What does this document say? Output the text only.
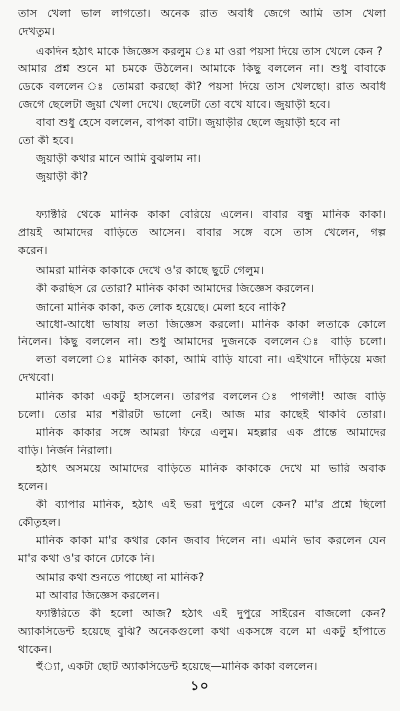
তাস খেলা ভাল লাগতো। অনেক রাত অবধি জেগে আমি তাস খেলা
দেখতুম।
একদিন হঠাৎ মাকে জিজ্ঞেস করলুম ঃ মা ওরা পয়সা দিয়ে তাস খেলে কেন ?
আমার প্রশ্ন শুনে মা চমকে উঠলেন। আমাকে কিছু বললেন না। শুধু বাবাকে
ডেকে বললেন ঃ তোমরা করছো কী? পয়সা দিয়ে তাস খেলছো। রাত অবধি
জেগে ছেলেটা জুয়া খেলা দেখে। ছেলেটা তো বখে যাবে। জুয়াড়ী হবে।
বাবা শুধু হেসে বললেন, বাপকা বাটা। জুয়াড়ীর ছেলে জুয়াড়ী হবে না
তো কী হবে।
জুয়াড়ী কথার মানে আমি বুঝলাম না।
জুয়াড়ী কী?
ফ্যাক্টরি থেকে মানিক কাকা বেরিয়ে এলেন। বাবার বন্ধু মানিক কাকা।
প্রায়ই আমাদের বাড়িতে আসেন। বাবার সঙ্গে বসে তাস খেলেন, গল্প
করেন।
আমরা মানিক কাকাকে দেখে ও'র কাছে ছুটে গেলুম।
কী করছিস রে তোরা? মানিক কাকা আমাদের জিজ্ঞেস করলেন।
জানো মানিক কাকা, কত লোক হয়েছে। মেলা হবে নাকি?
আধো-আধো ভাষায় লতা জিজ্ঞেস করলো। মানিক কাকা লতাকে কোলে
নিলেন। কিছু বললেন না। শুধু আমাদের দুজনকে বললেন ঃ বাড়ি চলো।
লতা বললো ঃ মানিক কাকা, আমি বাড়ি যাবো না। এইখানে দাঁড়িয়ে মজা
দেখবো।
মানিক কাকা একটু হাসলেন। তারপর বললেন ঃ পাগলী! আজ বাড়ি
চলো। তোর মার শরীরটা ভালো নেই। আজ মার কাছেই থাকবি তোরা।
মানিক কাকার সঙ্গে আমরা ফিরে এলুম। মহল্লার এক প্রান্তে আমাদের
বাড়ি। নির্জন নিরালা।
হঠাৎ অসময়ে আমাদের বাড়িতে মানিক কাকাকে দেখে মা ভারি অবাক
হলেন।
কী ব্যাপার মানিক, হঠাৎ এই ভরা দুপুরে এলে কেন? মা'র প্রশ্নে ছিলো
কৌতূহল।
মানিক কাকা মা'র কথার কোন জবাব দিলেন না। এমনি ভাব করলেন যেন
মা'র কথা ও'র কানে ঢোকে নি।
আমার কথা শুনতে পাচ্ছো না মানিক?
মা আবার জিজ্ঞেস করলেন।
ফ্যাক্টরিতে কী হলো আজ? হঠাৎ এই দুপুরে সাইরেন বাজলো কেন?
অ্যাকসিডেন্ট হয়েছে বুঝি? অনেকগুলো কথা একসঙ্গে বলে মা একটু হাঁপাতে
থাকেন।
হুঁ্যা, একটা ছোট অ্যাকসিডেন্ট হয়েছে—মানিক কাকা বললেন।
১০
